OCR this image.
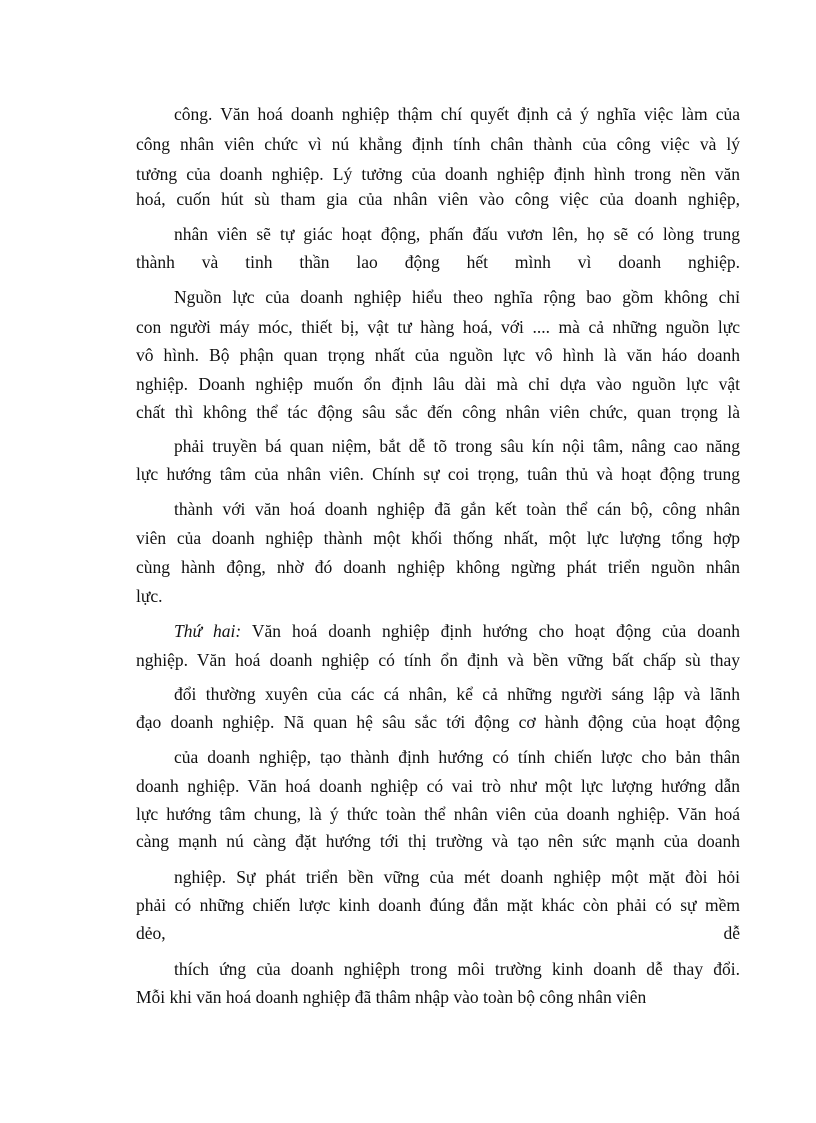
công. Văn hoá doanh nghiệp thậm chí quyết định cả ý nghĩa việc làm của
công nhân viên chức vì nú khẳng định tính chân thành của công việc và lý
tưởng của doanh nghiệp. Lý tưởng của doanh nghiệp định hình trong nền văn
hoá, cuốn hút sù tham gia của nhân viên vào công việc của doanh nghiệp,
nhân viên sẽ tự giác hoạt động, phấn đấu vươn lên, họ sẽ có lòng trung
thành và tinh thần lao động hết mình vì doanh nghiệp.
Nguồn lực của doanh nghiệp hiểu theo nghĩa rộng bao gồm không chỉ
con người máy móc, thiết bị, vật tư hàng hoá, với .... mà cả những nguồn lực
vô hình. Bộ phận quan trọng nhất của nguồn lực vô hình là văn háo doanh
nghiệp. Doanh nghiệp muốn ổn định lâu dài mà chỉ dựa vào nguồn lực vật
chất thì không thể tác động sâu sắc đến công nhân viên chức, quan trọng là
phải truyền bá quan niệm, bắt dễ tõ trong sâu kín nội tâm, nâng cao năng
lực hướng tâm của nhân viên. Chính sự coi trọng, tuân thủ và hoạt động trung
thành với văn hoá doanh nghiệp đã gắn kết toàn thể cán bộ, công nhân
viên của doanh nghiệp thành một khối thống nhất, một lực lượng tổng hợp
cùng hành động, nhờ đó doanh nghiệp không ngừng phát triển nguồn nhân
lực.
Thứ hai: Văn hoá doanh nghiệp định hướng cho hoạt động của doanh
nghiệp. Văn hoá doanh nghiệp có tính ổn định và bền vững bất chấp sù thay
đổi thường xuyên của các cá nhân, kể cả những người sáng lập và lãnh
đạo doanh nghiệp. Nã quan hệ sâu sắc tới động cơ hành động của hoạt động
của doanh nghiệp, tạo thành định hướng có tính chiến lược cho bản thân
doanh nghiệp. Văn hoá doanh nghiệp có vai trò như một lực lượng hướng dẫn
lực hướng tâm chung, là ý thức toàn thể nhân viên của doanh nghiệp. Văn hoá
càng mạnh nú càng đặt hướng tới thị trường và tạo nên sức mạnh của doanh
nghiệp. Sự phát triển bền vững của mét doanh nghiệp một mặt đòi hỏi
phải có những chiến lược kinh doanh đúng đắn mặt khác còn phải có sự mềm
dẻo, dễ
thích ứng của doanh nghiệph trong môi trường kinh doanh dễ thay đổi.
Mỗi khi văn hoá doanh nghiệp đã thâm nhập vào toàn bộ công nhân viên
